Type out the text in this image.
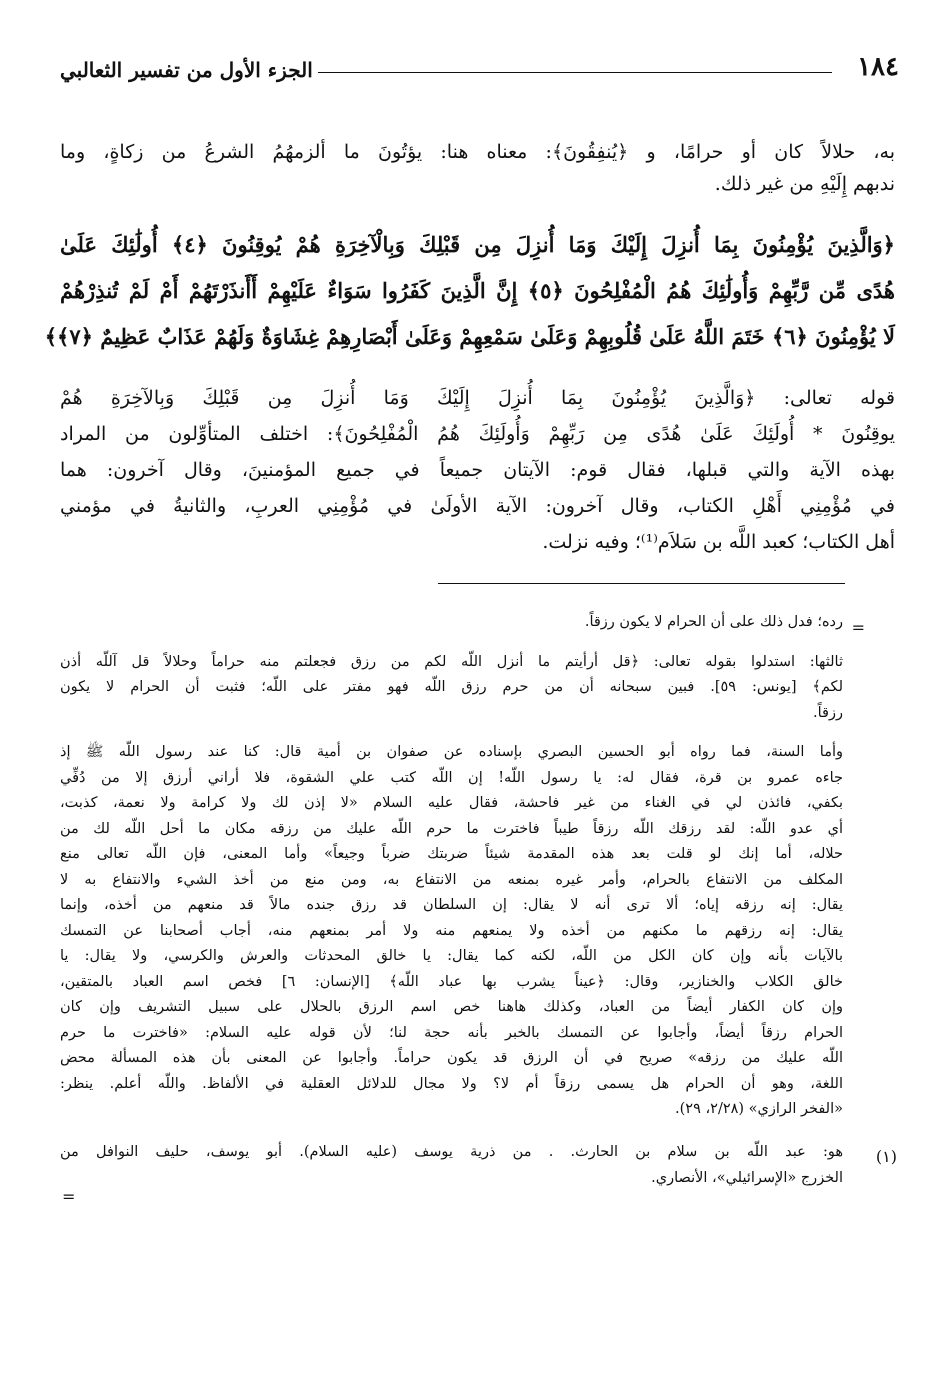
١٨٤
الجزء الأول من تفسير الثعالبي
به، حلالاً كان أو حرامًا، و ﴿يُنفِقُونَ﴾: معناه هنا: يؤتُونَ ما ألزمهُمُ الشرعُ من زكاةٍ، وما
ندبهم إِلَيْهِ من غير ذلك.
﴿وَالَّذِينَ يُؤْمِنُونَ بِمَا أُنزِلَ إِلَيْكَ وَمَا أُنزِلَ مِن قَبْلِكَ وَبِالْآخِرَةِ هُمْ يُوقِنُونَ ﴿٤﴾ أُولَٰئِكَ عَلَىٰ
هُدًى مِّن رَّبِّهِمْ وَأُولَٰئِكَ هُمُ الْمُفْلِحُونَ ﴿٥﴾ إِنَّ الَّذِينَ كَفَرُوا سَوَاءٌ عَلَيْهِمْ أَأَنذَرْتَهُمْ أَمْ لَمْ تُنذِرْهُمْ
لَا يُؤْمِنُونَ ﴿٦﴾ خَتَمَ اللَّهُ عَلَىٰ قُلُوبِهِمْ وَعَلَىٰ سَمْعِهِمْ وَعَلَىٰ أَبْصَارِهِمْ غِشَاوَةٌ وَلَهُمْ عَذَابٌ عَظِيمٌ ﴿٧﴾﴾
قوله تعالى: ﴿وَالَّذِينَ يُؤْمِنُونَ بِمَا أُنزِلَ إِلَيْكَ وَمَا أُنزِلَ مِن قَبْلِكَ وَبِالآخِرَةِ هُمْ
يوقِنُونَ * أُولَئِكَ عَلَىٰ هُدًى مِن رَبِّهِمْ وَأُولَئِكَ هُمُ الْمُفْلِحُونَ﴾: اختلف المتأوِّلون من المراد
بهذه الآية والتي قبلها، فقال قوم: الآيتان جميعاً في جميع المؤمنينَ، وقال آخرون: هما
في مُؤْمِنِي أَهْلِ الكتاب، وقال آخرون: الآية الأولَىٰ في مُؤْمِنِي العربِ، والثانيةُ في مؤمني
أهل الكتاب؛ كعبد اللَّه بن سَلاَم⁽¹⁾؛ وفيه نزلت.
=
رده؛ فدل ذلك على أن الحرام لا يكون رزقاً.
ثالثها: استدلوا بقوله تعالى: ﴿قل أرأيتم ما أنزل اللّه لكم من رزق فجعلتم منه حراماً وحلالاً قل آللّه أذن
لكم﴾ [يونس: ٥٩]. فبين سبحانه أن من حرم رزق اللّه فهو مفتر على اللّه؛ فثبت أن الحرام لا يكون
رزقاً.
وأما السنة، فما رواه أبو الحسين البصري بإسناده عن صفوان بن أمية قال: كنا عند رسول اللّه ﷺ إذ
جاءه عمرو بن قرة، فقال له: يا رسول اللّه! إن اللّه كتب علي الشقوة، فلا أراني أرزق إلا من دُفِّي
بكفي، فائذن لي في الغناء من غير فاحشة، فقال عليه السلام «لا إذن لك ولا كرامة ولا نعمة، كذبت،
أي عدو اللّه: لقد رزقك اللّه رزقاً طيباً فاخترت ما حرم اللّه عليك من رزقه مكان ما أحل اللّه لك من
حلاله، أما إنك لو قلت بعد هذه المقدمة شيئاً ضربتك ضرباً وجيعاً» وأما المعنى، فإن اللّه تعالى منع
المكلف من الانتفاع بالحرام، وأمر غيره بمنعه من الانتفاع به، ومن منع من أخذ الشيء والانتفاع به لا
يقال: إنه رزقه إياه؛ ألا ترى أنه لا يقال: إن السلطان قد رزق جنده مالاً قد منعهم من أخذه، وإنما
يقال: إنه رزقهم ما مكنهم من أخذه ولا يمنعهم منه ولا أمر بمنعهم منه، أجاب أصحابنا عن التمسك
بالآيات بأنه وإن كان الكل من اللّه، لكنه كما يقال: يا خالق المحدثات والعرش والكرسي، ولا يقال: يا
خالق الكلاب والخنازير، وقال: ﴿عيناً يشرب بها عباد اللّه﴾ [الإنسان: ٦] فخص اسم العباد بالمتقين،
وإن كان الكفار أيضاً من العباد، وكذلك هاهنا خص اسم الرزق بالحلال على سبيل التشريف وإن كان
الحرام رزقاً أيضاً، وأجابوا عن التمسك بالخبر بأنه حجة لنا؛ لأن قوله عليه السلام: «فاخترت ما حرم
اللّه عليك من رزقه» صريح في أن الرزق قد يكون حراماً. وأجابوا عن المعنى بأن هذه المسألة محض
اللغة، وهو أن الحرام هل يسمى رزقاً أم لا؟ ولا مجال للدلائل العقلية في الألفاظ. واللّه أعلم. ينظر:
«الفخر الرازي» (٢/٢٨، ٢٩).
(١)
هو: عبد اللّه بن سلام بن الحارث. . من ذرية يوسف (عليه السلام). أبو يوسف، حليف النوافل من
الخزرج «الإسرائيلي»، الأنصاري.
=
